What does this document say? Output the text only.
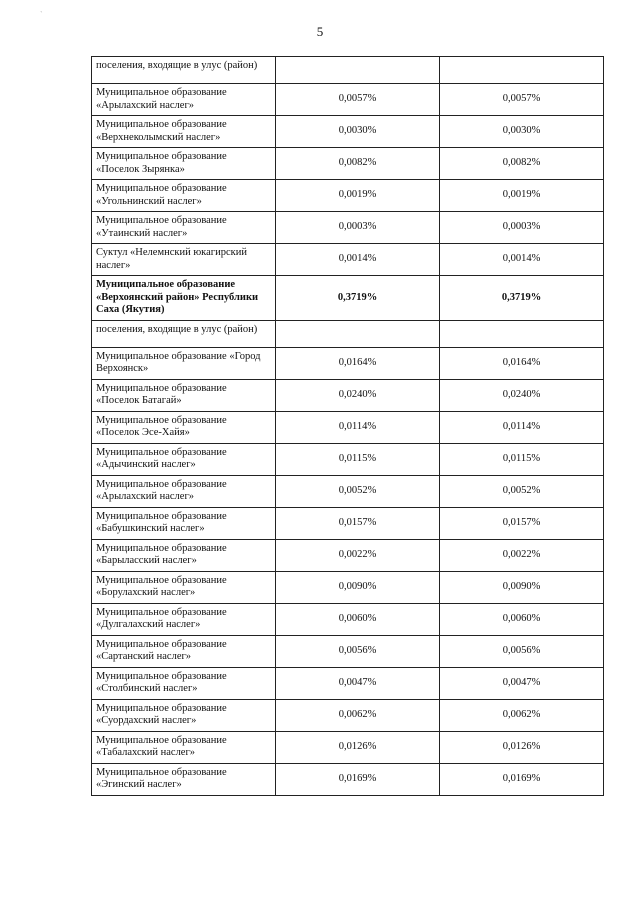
`
5
поселения, входящие в улус (район)		
Муниципальное образование «Арылахский наслег»	0,0057%	0,0057%
Муниципальное образование «Верхнеколымский наслег»	0,0030%	0,0030%
Муниципальное образование «Поселок Зырянка»	0,0082%	0,0082%
Муниципальное образование «Угольнинский наслег»	0,0019%	0,0019%
Муниципальное образование «Утаинский наслег»	0,0003%	0,0003%
Суктул «Нелемнский юкагирский наслег»	0,0014%	0,0014%
Муниципальное образование «Верхоянский район» Республики Саха (Якутия)	0,3719%	0,3719%
поселения, входящие в улус (район)		
Муниципальное образование «Город Верхоянск»	0,0164%	0,0164%
Муниципальное образование «Поселок Батагай»	0,0240%	0,0240%
Муниципальное образование «Поселок Эсе-Хайя»	0,0114%	0,0114%
Муниципальное образование «Адычинский наслег»	0,0115%	0,0115%
Муниципальное образование «Арылахский наслег»	0,0052%	0,0052%
Муниципальное образование «Бабушкинский наслег»	0,0157%	0,0157%
Муниципальное образование «Барыласский наслег»	0,0022%	0,0022%
Муниципальное образование «Борулахский наслег»	0,0090%	0,0090%
Муниципальное образование «Дулгалахский наслег»	0,0060%	0,0060%
Муниципальное образование «Сартанский наслег»	0,0056%	0,0056%
Муниципальное образование «Столбинский наслег»	0,0047%	0,0047%
Муниципальное образование «Суордахский наслег»	0,0062%	0,0062%
Муниципальное образование «Табалахский наслег»	0,0126%	0,0126%
Муниципальное образование «Эгинский наслег»	0,0169%	0,0169%
